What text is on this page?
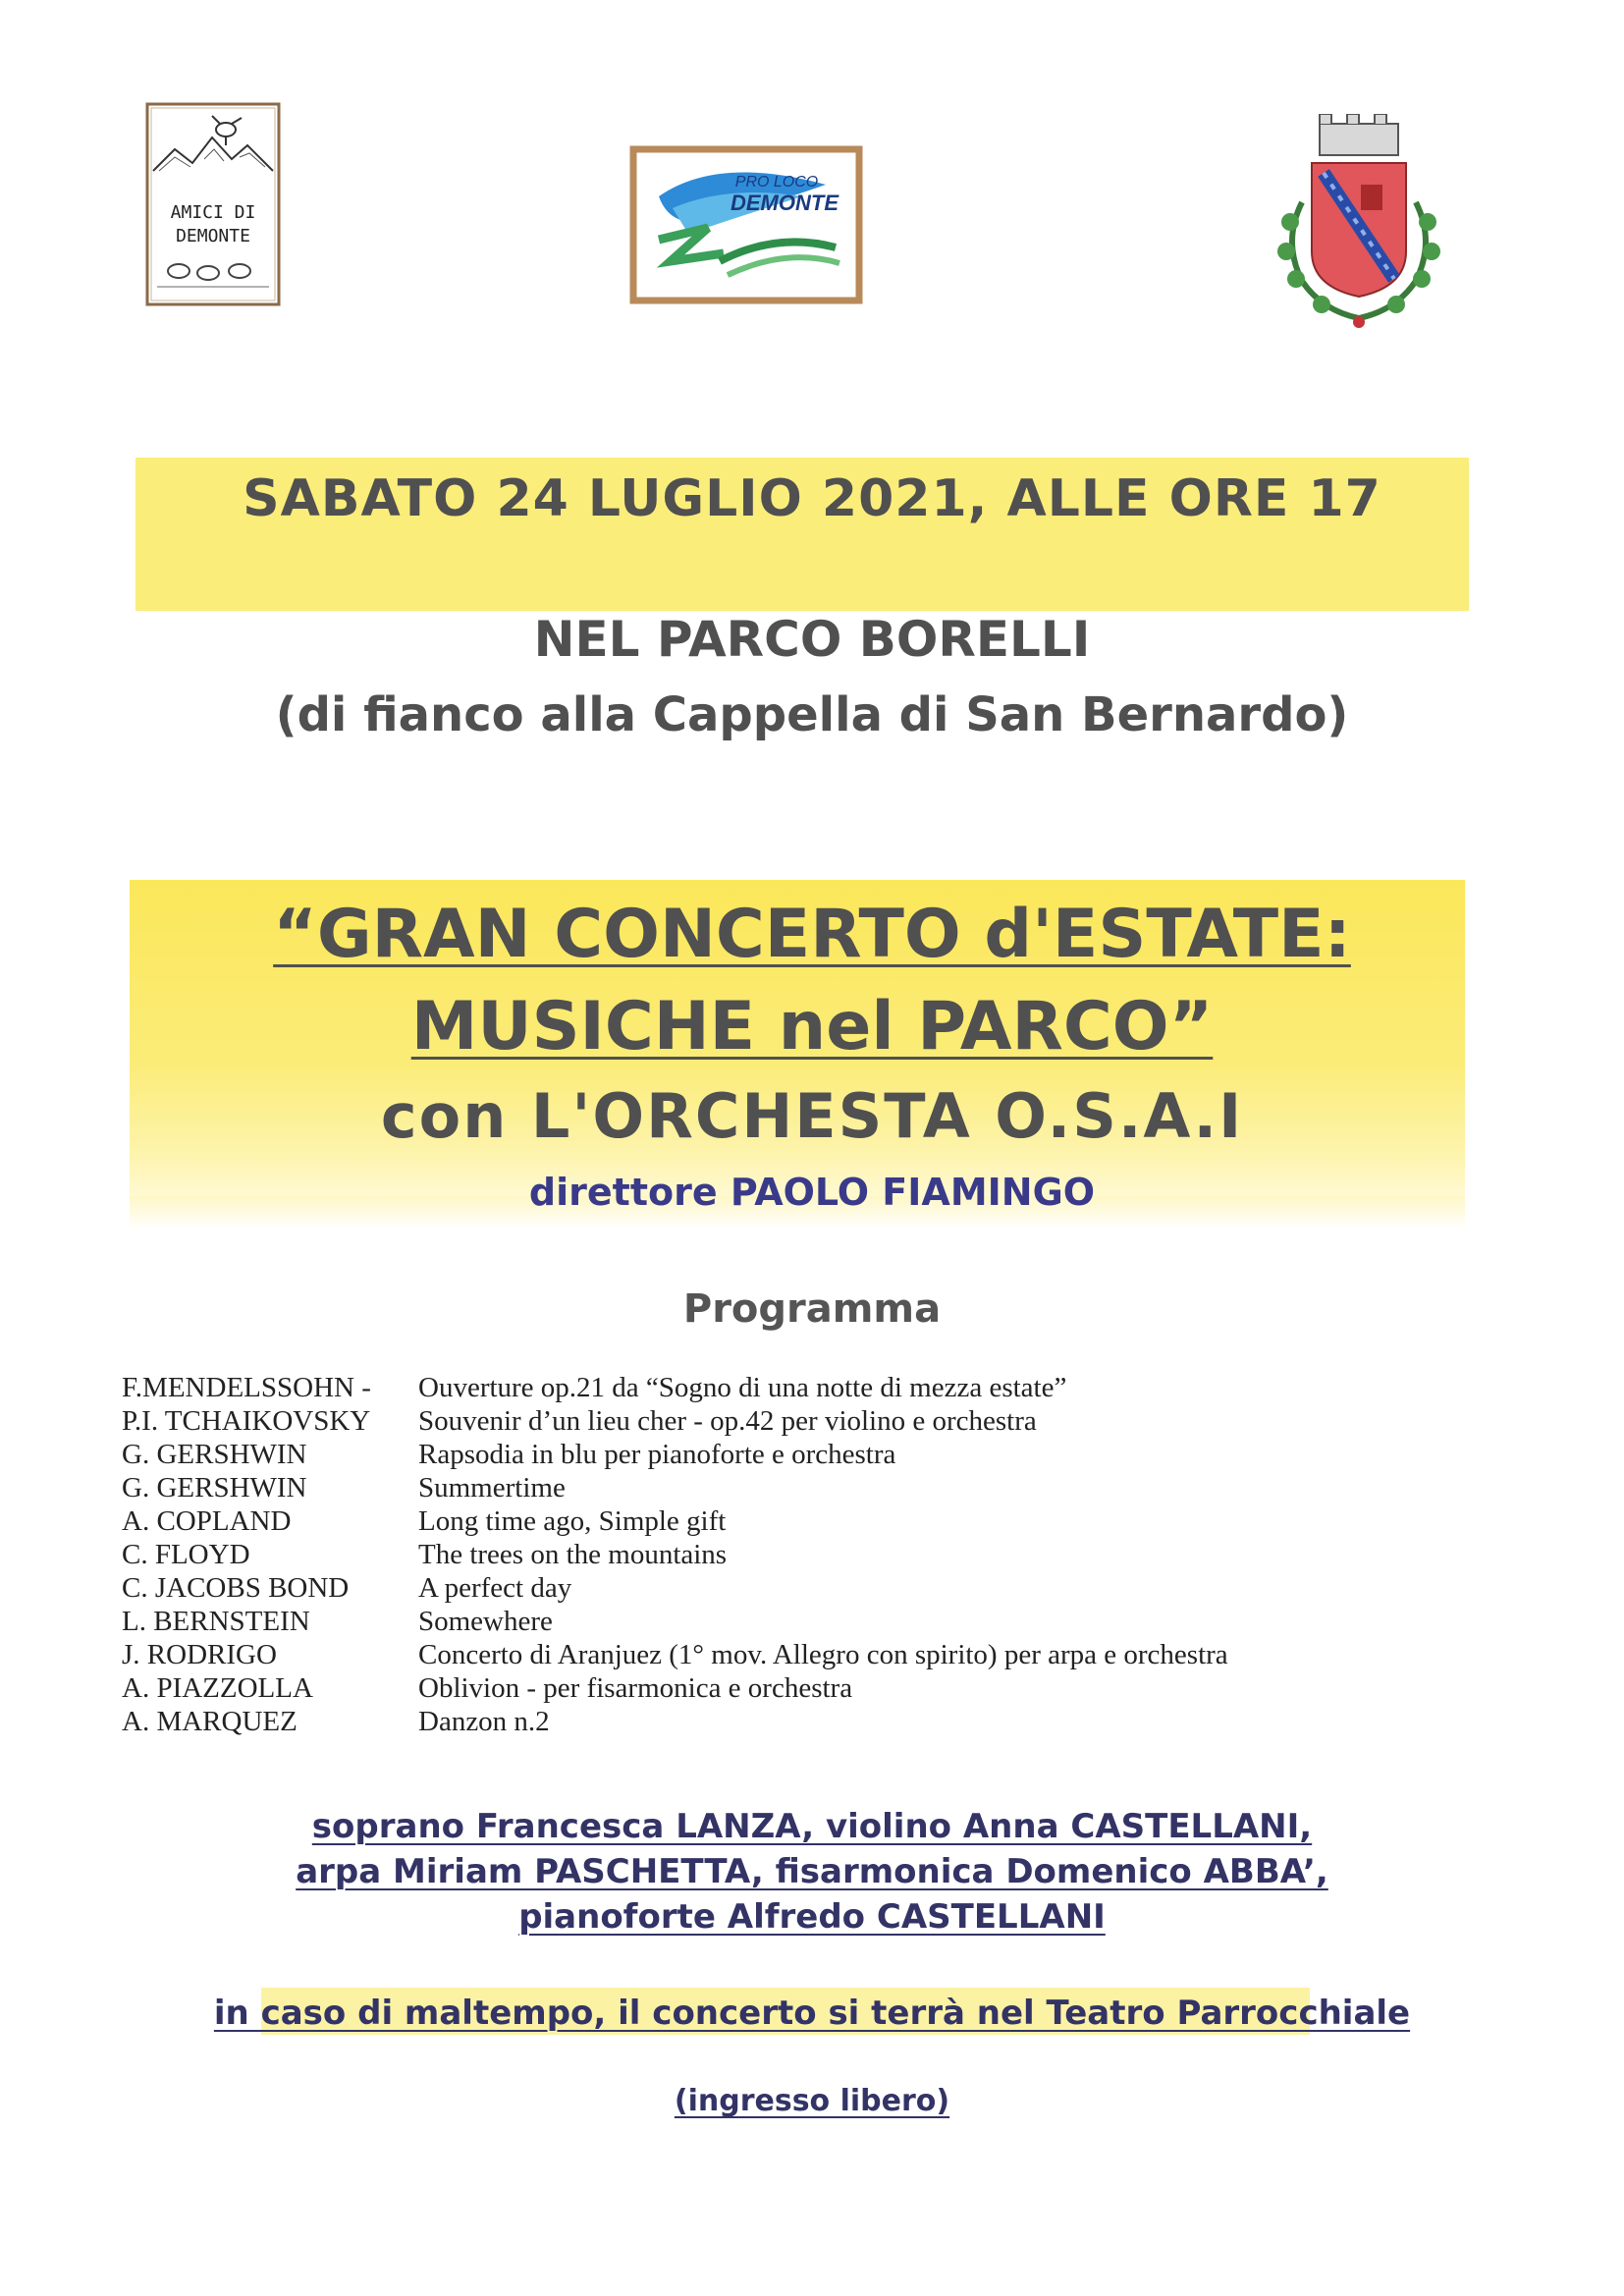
AMICI DI
DEMONTE
PRO LOCO
DEMONTE
SABATO 24 LUGLIO 2021, ALLE ORE 17
NEL PARCO BORELLI
(di fianco alla Cappella di San Bernardo)
“GRAN CONCERTO d'ESTATE:
MUSICHE nel PARCO”
con L'ORCHESTA O.S.A.I
direttore PAOLO FIAMINGO
Programma
F.MENDELSSOHN - Ouverture op.21 da “Sogno di una notte di mezza estate”
P.I. TCHAIKOVSKY Souvenir d’un lieu cher - op.42 per violino e orchestra
G. GERSHWIN	Rapsodia in blu per pianoforte e orchestra
G. GERSHWIN	Summertime
A. COPLAND	Long time ago, Simple gift
C. FLOYD	The trees on the mountains
C. JACOBS BOND A perfect day
L. BERNSTEIN	Somewhere
J. RODRIGO	Concerto di Aranjuez (1° mov. Allegro con spirito) per arpa e orchestra
A. PIAZZOLLA	Oblivion - per fisarmonica e orchestra
A. MARQUEZ	Danzon n.2
soprano Francesca LANZA, violino Anna CASTELLANI,
arpa Miriam PASCHETTA, fisarmonica Domenico ABBA’,
pianoforte Alfredo CASTELLANI
in caso di maltempo, il concerto si terrà nel Teatro Parrocchiale
(ingresso libero)
